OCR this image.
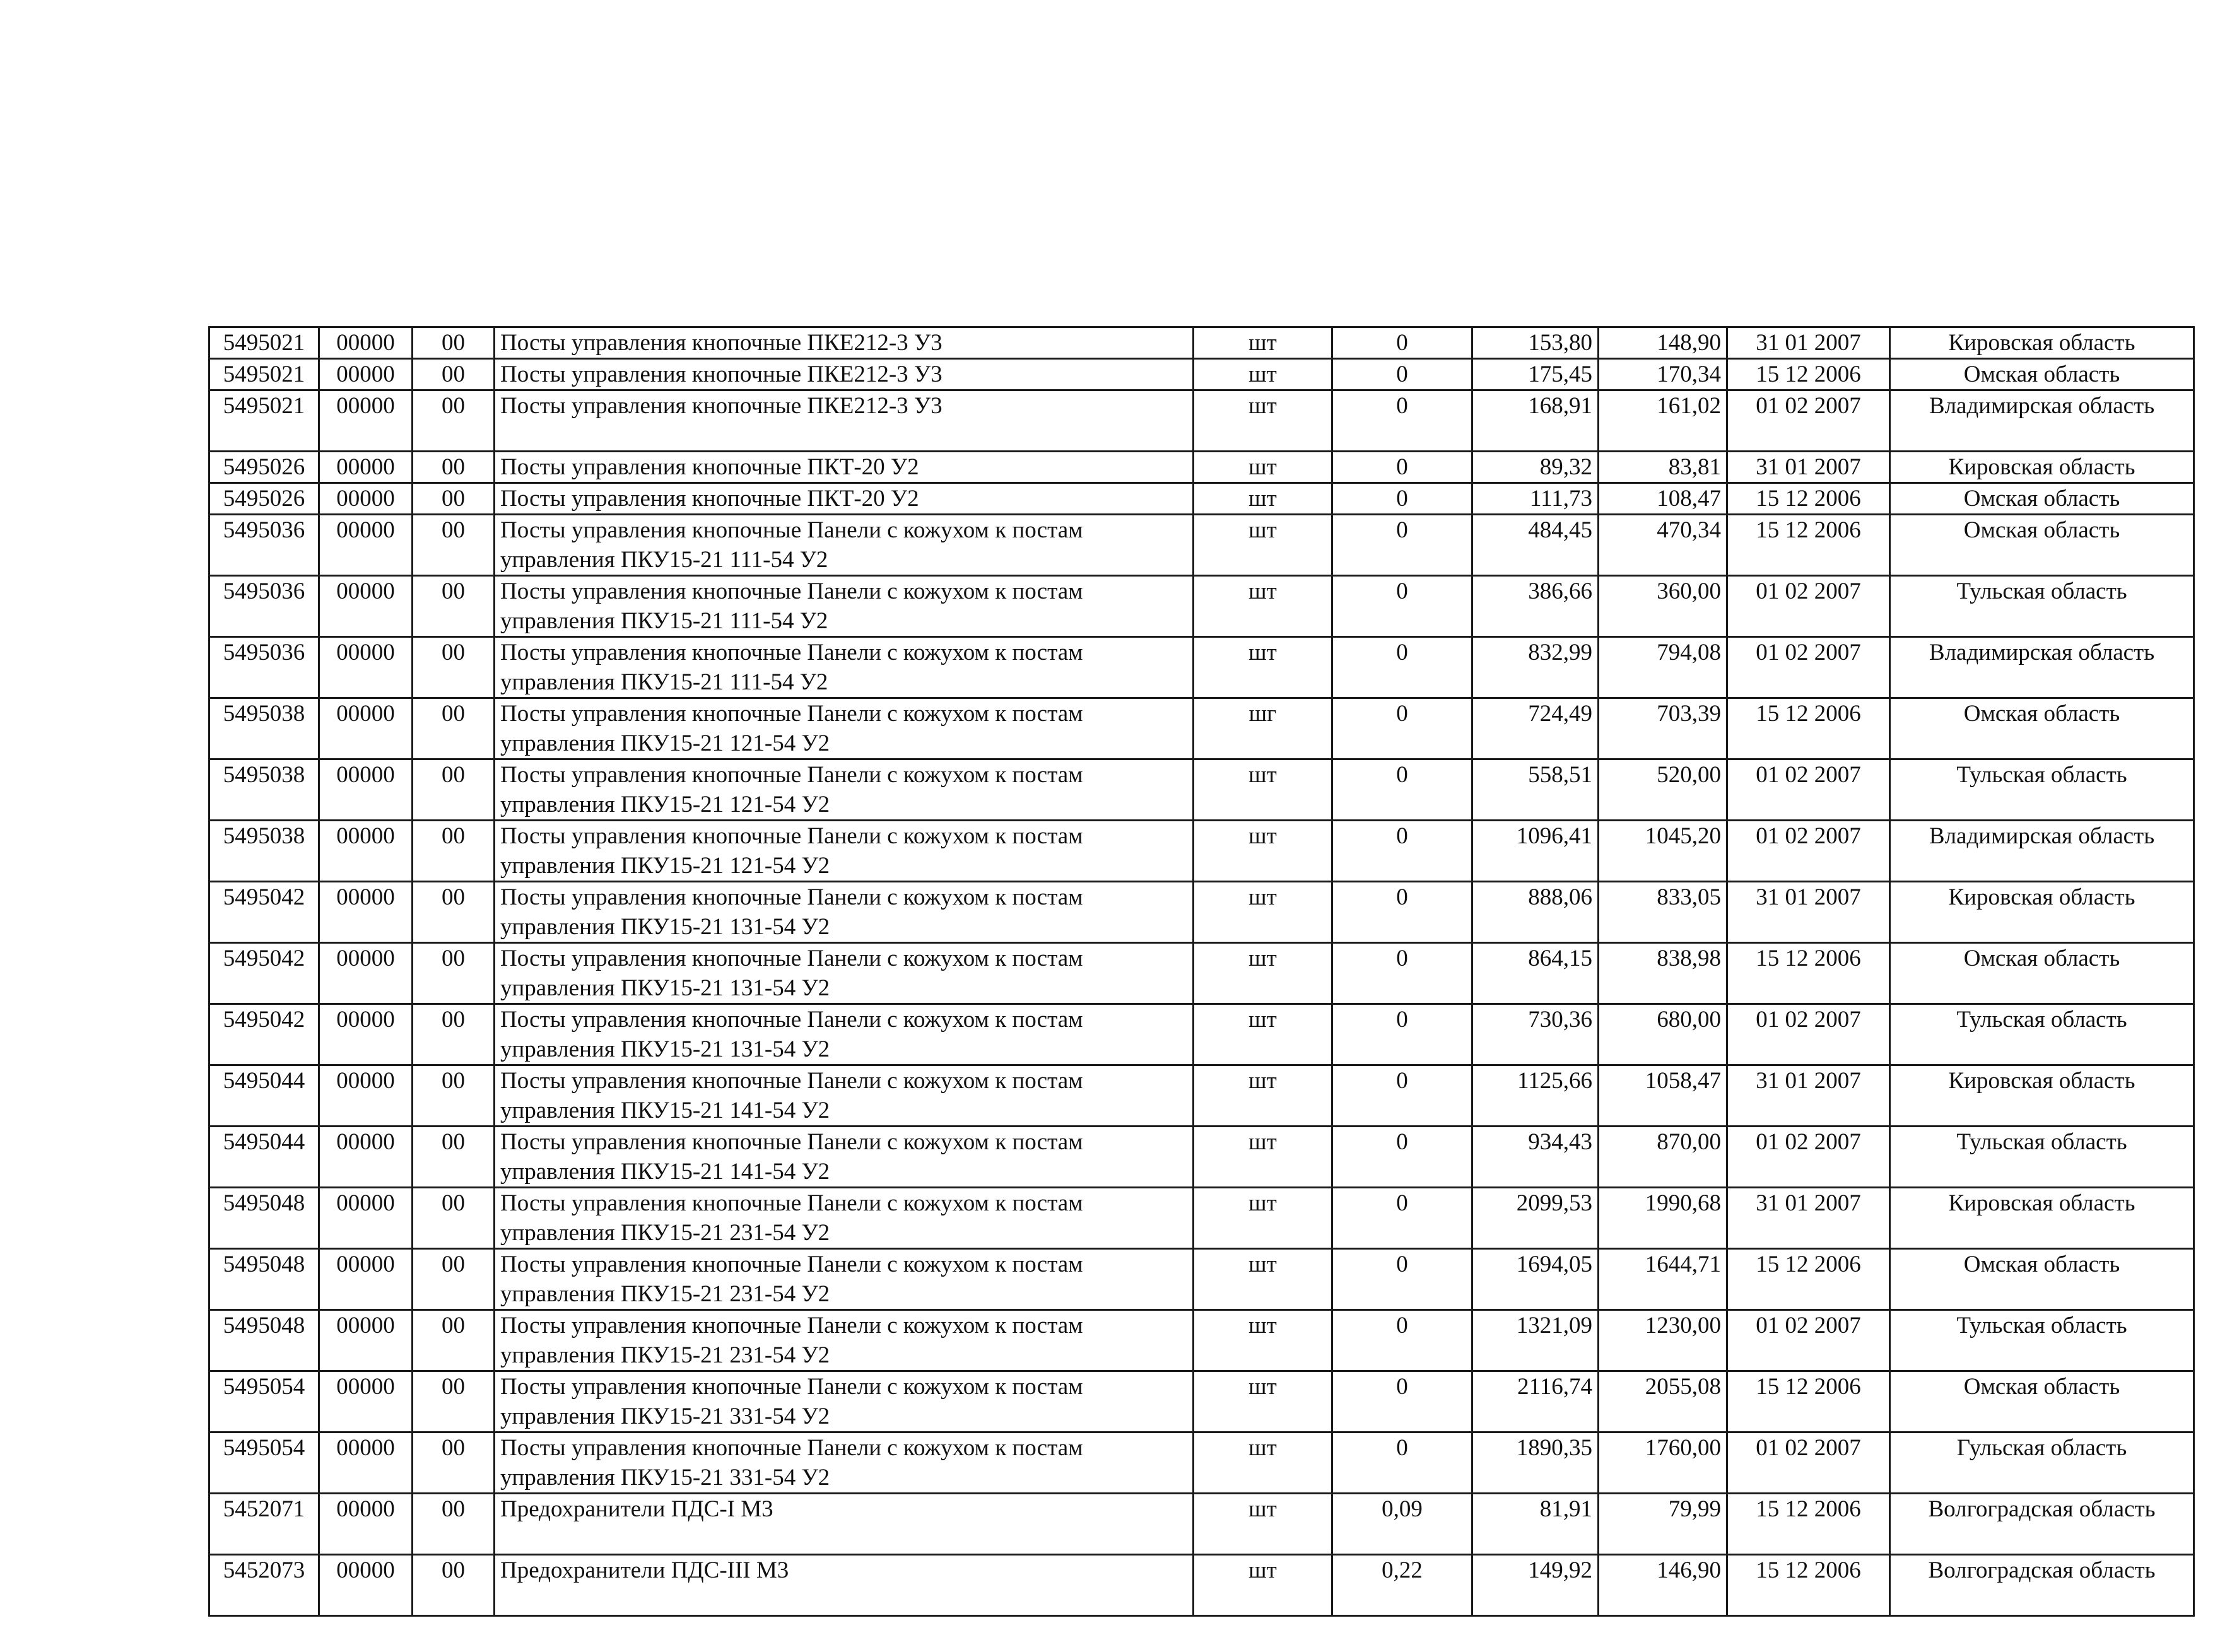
5495021	00000	00	Посты управления кнопочные ПКЕ212-3 У3	шт	0	153,80	148,90	31 01 2007	Кировская область
5495021	00000	00	Посты управления кнопочные ПКЕ212-3 У3	шт	0	175,45	170,34	15 12 2006	Омская область
5495021	00000	00	Посты управления кнопочные ПКЕ212-3 У3	шт	0	168,91	161,02	01 02 2007	Владимирская область
5495026	00000	00	Посты управления кнопочные ПКТ-20 У2	шт	0	89,32	83,81	31 01 2007	Кировская область
5495026	00000	00	Посты управления кнопочные ПКТ-20 У2	шт	0	111,73	108,47	15 12 2006	Омская область
5495036	00000	00	Посты управления кнопочные Панели с кожухом к постам управления ПКУ15-21 111-54 У2	шт	0	484,45	470,34	15 12 2006	Омская область
5495036	00000	00	Посты управления кнопочные Панели с кожухом к постам управления ПКУ15-21 111-54 У2	шт	0	386,66	360,00	01 02 2007	Тульская область
5495036	00000	00	Посты управления кнопочные Панели с кожухом к постам управления ПКУ15-21 111-54 У2	шт	0	832,99	794,08	01 02 2007	Владимирская область
5495038	00000	00	Посты управления кнопочные Панели с кожухом к постам управления ПКУ15-21 121-54 У2	шг	0	724,49	703,39	15 12 2006	Омская область
5495038	00000	00	Посты управления кнопочные Панели с кожухом к постам управления ПКУ15-21 121-54 У2	шт	0	558,51	520,00	01 02 2007	Тульская область
5495038	00000	00	Посты управления кнопочные Панели с кожухом к постам управления ПКУ15-21 121-54 У2	шт	0	1096,41	1045,20	01 02 2007	Владимирская область
5495042	00000	00	Посты управления кнопочные Панели с кожухом к постам управления ПКУ15-21 131-54 У2	шт	0	888,06	833,05	31 01 2007	Кировская область
5495042	00000	00	Посты управления кнопочные Панели с кожухом к постам управления ПКУ15-21 131-54 У2	шт	0	864,15	838,98	15 12 2006	Омская область
5495042	00000	00	Посты управления кнопочные Панели с кожухом к постам управления ПКУ15-21 131-54 У2	шт	0	730,36	680,00	01 02 2007	Тульская область
5495044	00000	00	Посты управления кнопочные Панели с кожухом к постам управления ПКУ15-21 141-54 У2	шт	0	1125,66	1058,47	31 01 2007	Кировская область
5495044	00000	00	Посты управления кнопочные Панели с кожухом к постам управления ПКУ15-21 141-54 У2	шт	0	934,43	870,00	01 02 2007	Тульская область
5495048	00000	00	Посты управления кнопочные Панели с кожухом к постам управления ПКУ15-21 231-54 У2	шт	0	2099,53	1990,68	31 01 2007	Кировская область
5495048	00000	00	Посты управления кнопочные Панели с кожухом к постам управления ПКУ15-21 231-54 У2	шт	0	1694,05	1644,71	15 12 2006	Омская область
5495048	00000	00	Посты управления кнопочные Панели с кожухом к постам управления ПКУ15-21 231-54 У2	шт	0	1321,09	1230,00	01 02 2007	Тульская область
5495054	00000	00	Посты управления кнопочные Панели с кожухом к постам управления ПКУ15-21 331-54 У2	шт	0	2116,74	2055,08	15 12 2006	Омская область
5495054	00000	00	Посты управления кнопочные Панели с кожухом к постам управления ПКУ15-21 331-54 У2	шт	0	1890,35	1760,00	01 02 2007	Гульская область
5452071	00000	00	Предохранители ПДС-I М3	шт	0,09	81,91	79,99	15 12 2006	Волгоградская область
5452073	00000	00	Предохранители ПДС-III М3	шт	0,22	149,92	146,90	15 12 2006	Волгоградская область
